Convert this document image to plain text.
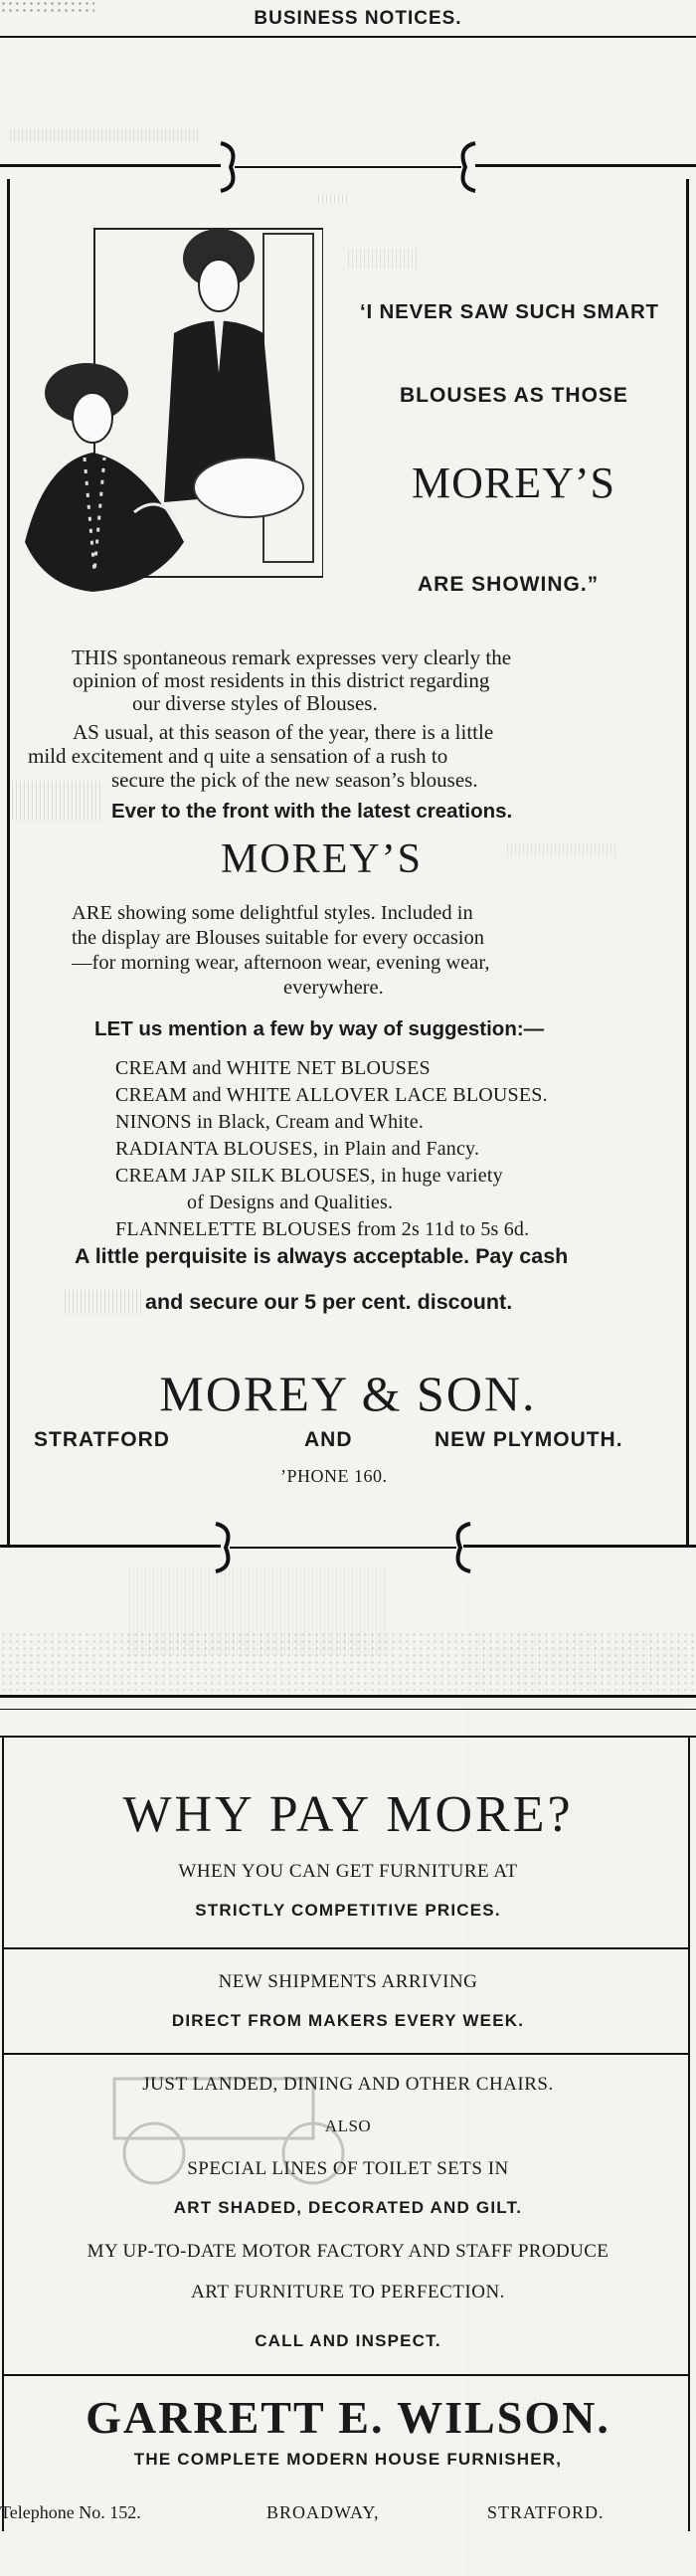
BUSINESS NOTICES.
‘I NEVER SAW SUCH SMART
BLOUSES AS THOSE
MOREY’S
ARE SHOWING.”
THIS spontaneous remark expresses very clearly the
opinion of most residents in this district regarding
our diverse styles of Blouses.
AS usual, at this season of the year, there is a little
mild excitement and q uite a sensation of a rush to
secure the pick of the new season’s blouses.
Ever to the front with the latest creations.
MOREY’S
ARE showing some delightful styles. Included in
the display are Blouses suitable for every occasion
—for morning wear, afternoon wear, evening wear,
everywhere.
LET us mention a few by way of suggestion:—
CREAM and WHITE NET BLOUSES
CREAM and WHITE ALLOVER LACE BLOUSES.
NINONS in Black, Cream and White.
RADIANTA BLOUSES, in Plain and Fancy.
CREAM JAP SILK BLOUSES, in huge variety
of Designs and Qualities.
FLANNELETTE BLOUSES from 2s 11d to 5s 6d.
A little perquisite is always acceptable. Pay cash
and secure our 5 per cent. discount.
MOREY & SON.
STRATFORD	AND	NEW PLYMOUTH.
’PHONE 160.
WHY PAY MORE?
WHEN YOU CAN GET FURNITURE AT
STRICTLY COMPETITIVE PRICES.
NEW SHIPMENTS ARRIVING
DIRECT FROM MAKERS EVERY WEEK.
JUST LANDED, DINING AND OTHER CHAIRS.
ALSO
SPECIAL LINES OF TOILET SETS IN
ART SHADED, DECORATED AND GILT.
MY UP-TO-DATE MOTOR FACTORY AND STAFF PRODUCE
ART FURNITURE TO PERFECTION.
CALL AND INSPECT.
GARRETT E. WILSON.
THE COMPLETE MODERN HOUSE FURNISHER,
Telephone No. 152.	BROADWAY,	STRATFORD.
